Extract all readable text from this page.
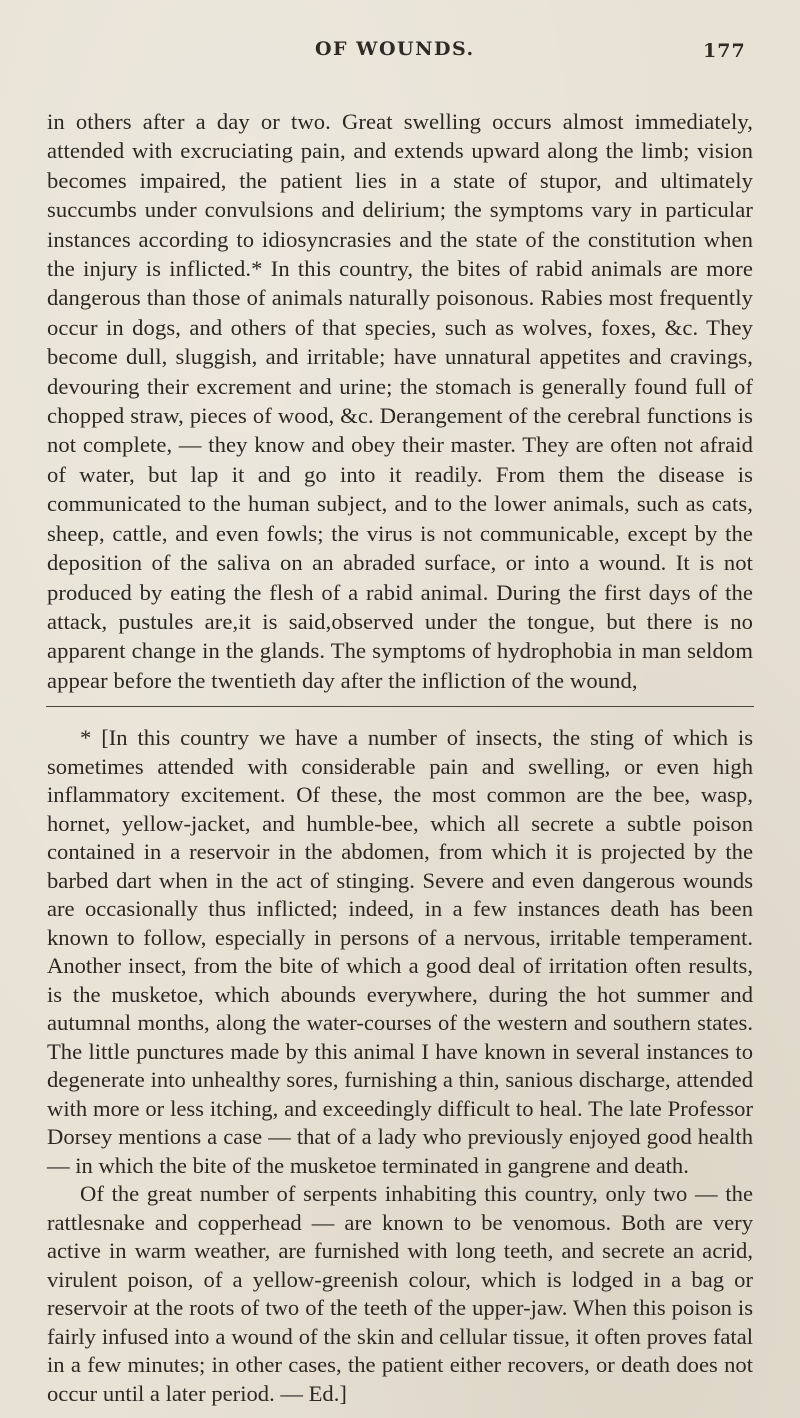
OF WOUNDS.	177

in others after a day or two. Great swelling occurs almost immediately, attended with excruciating pain, and extends upward along the limb; vision becomes impaired, the patient lies in a state of stupor, and ultimately succumbs under convulsions and delirium; the symptoms vary in particular instances according to idiosyncrasies and the state of the constitution when the injury is inflicted.* In this country, the bites of rabid animals are more dangerous than those of animals naturally poisonous. Rabies most frequently occur in dogs, and others of that species, such as wolves, foxes, &c. They become dull, sluggish, and irritable; have unnatural appetites and cravings, devouring their excrement and urine; the stomach is generally found full of chopped straw, pieces of wood, &c. Derangement of the cerebral functions is not complete, — they know and obey their master. They are often not afraid of water, but lap it and go into it readily. From them the disease is communicated to the human subject, and to the lower animals, such as cats, sheep, cattle, and even fowls; the virus is not communicable, except by the deposition of the saliva on an abraded surface, or into a wound. It is not produced by eating the flesh of a rabid animal. During the first days of the attack, pustules are,it is said,observed under the tongue, but there is no apparent change in the glands. The symptoms of hydrophobia in man seldom appear before the twentieth day after the infliction of the wound,

* [In this country we have a number of insects, the sting of which is sometimes attended with considerable pain and swelling, or even high inflammatory excitement. Of these, the most common are the bee, wasp, hornet, yellow-jacket, and humble-bee, which all secrete a subtle poison contained in a reservoir in the abdomen, from which it is projected by the barbed dart when in the act of stinging. Severe and even dangerous wounds are occasionally thus inflicted; indeed, in a few instances death has been known to follow, especially in persons of a nervous, irritable temperament. Another insect, from the bite of which a good deal of irritation often results, is the musketoe, which abounds everywhere, during the hot summer and autumnal months, along the water-courses of the western and southern states. The little punctures made by this animal I have known in several instances to degenerate into unhealthy sores, furnishing a thin, sanious discharge, attended with more or less itching, and exceedingly difficult to heal. The late Professor Dorsey mentions a case — that of a lady who previously enjoyed good health — in which the bite of the musketoe terminated in gangrene and death.

Of the great number of serpents inhabiting this country, only two — the rattlesnake and copperhead — are known to be venomous. Both are very active in warm weather, are furnished with long teeth, and secrete an acrid, virulent poison, of a yellow-greenish colour, which is lodged in a bag or reservoir at the roots of two of the teeth of the upper-jaw. When this poison is fairly infused into a wound of the skin and cellular tissue, it often proves fatal in a few minutes; in other cases, the patient either recovers, or death does not occur until a later period. — Ed.]
